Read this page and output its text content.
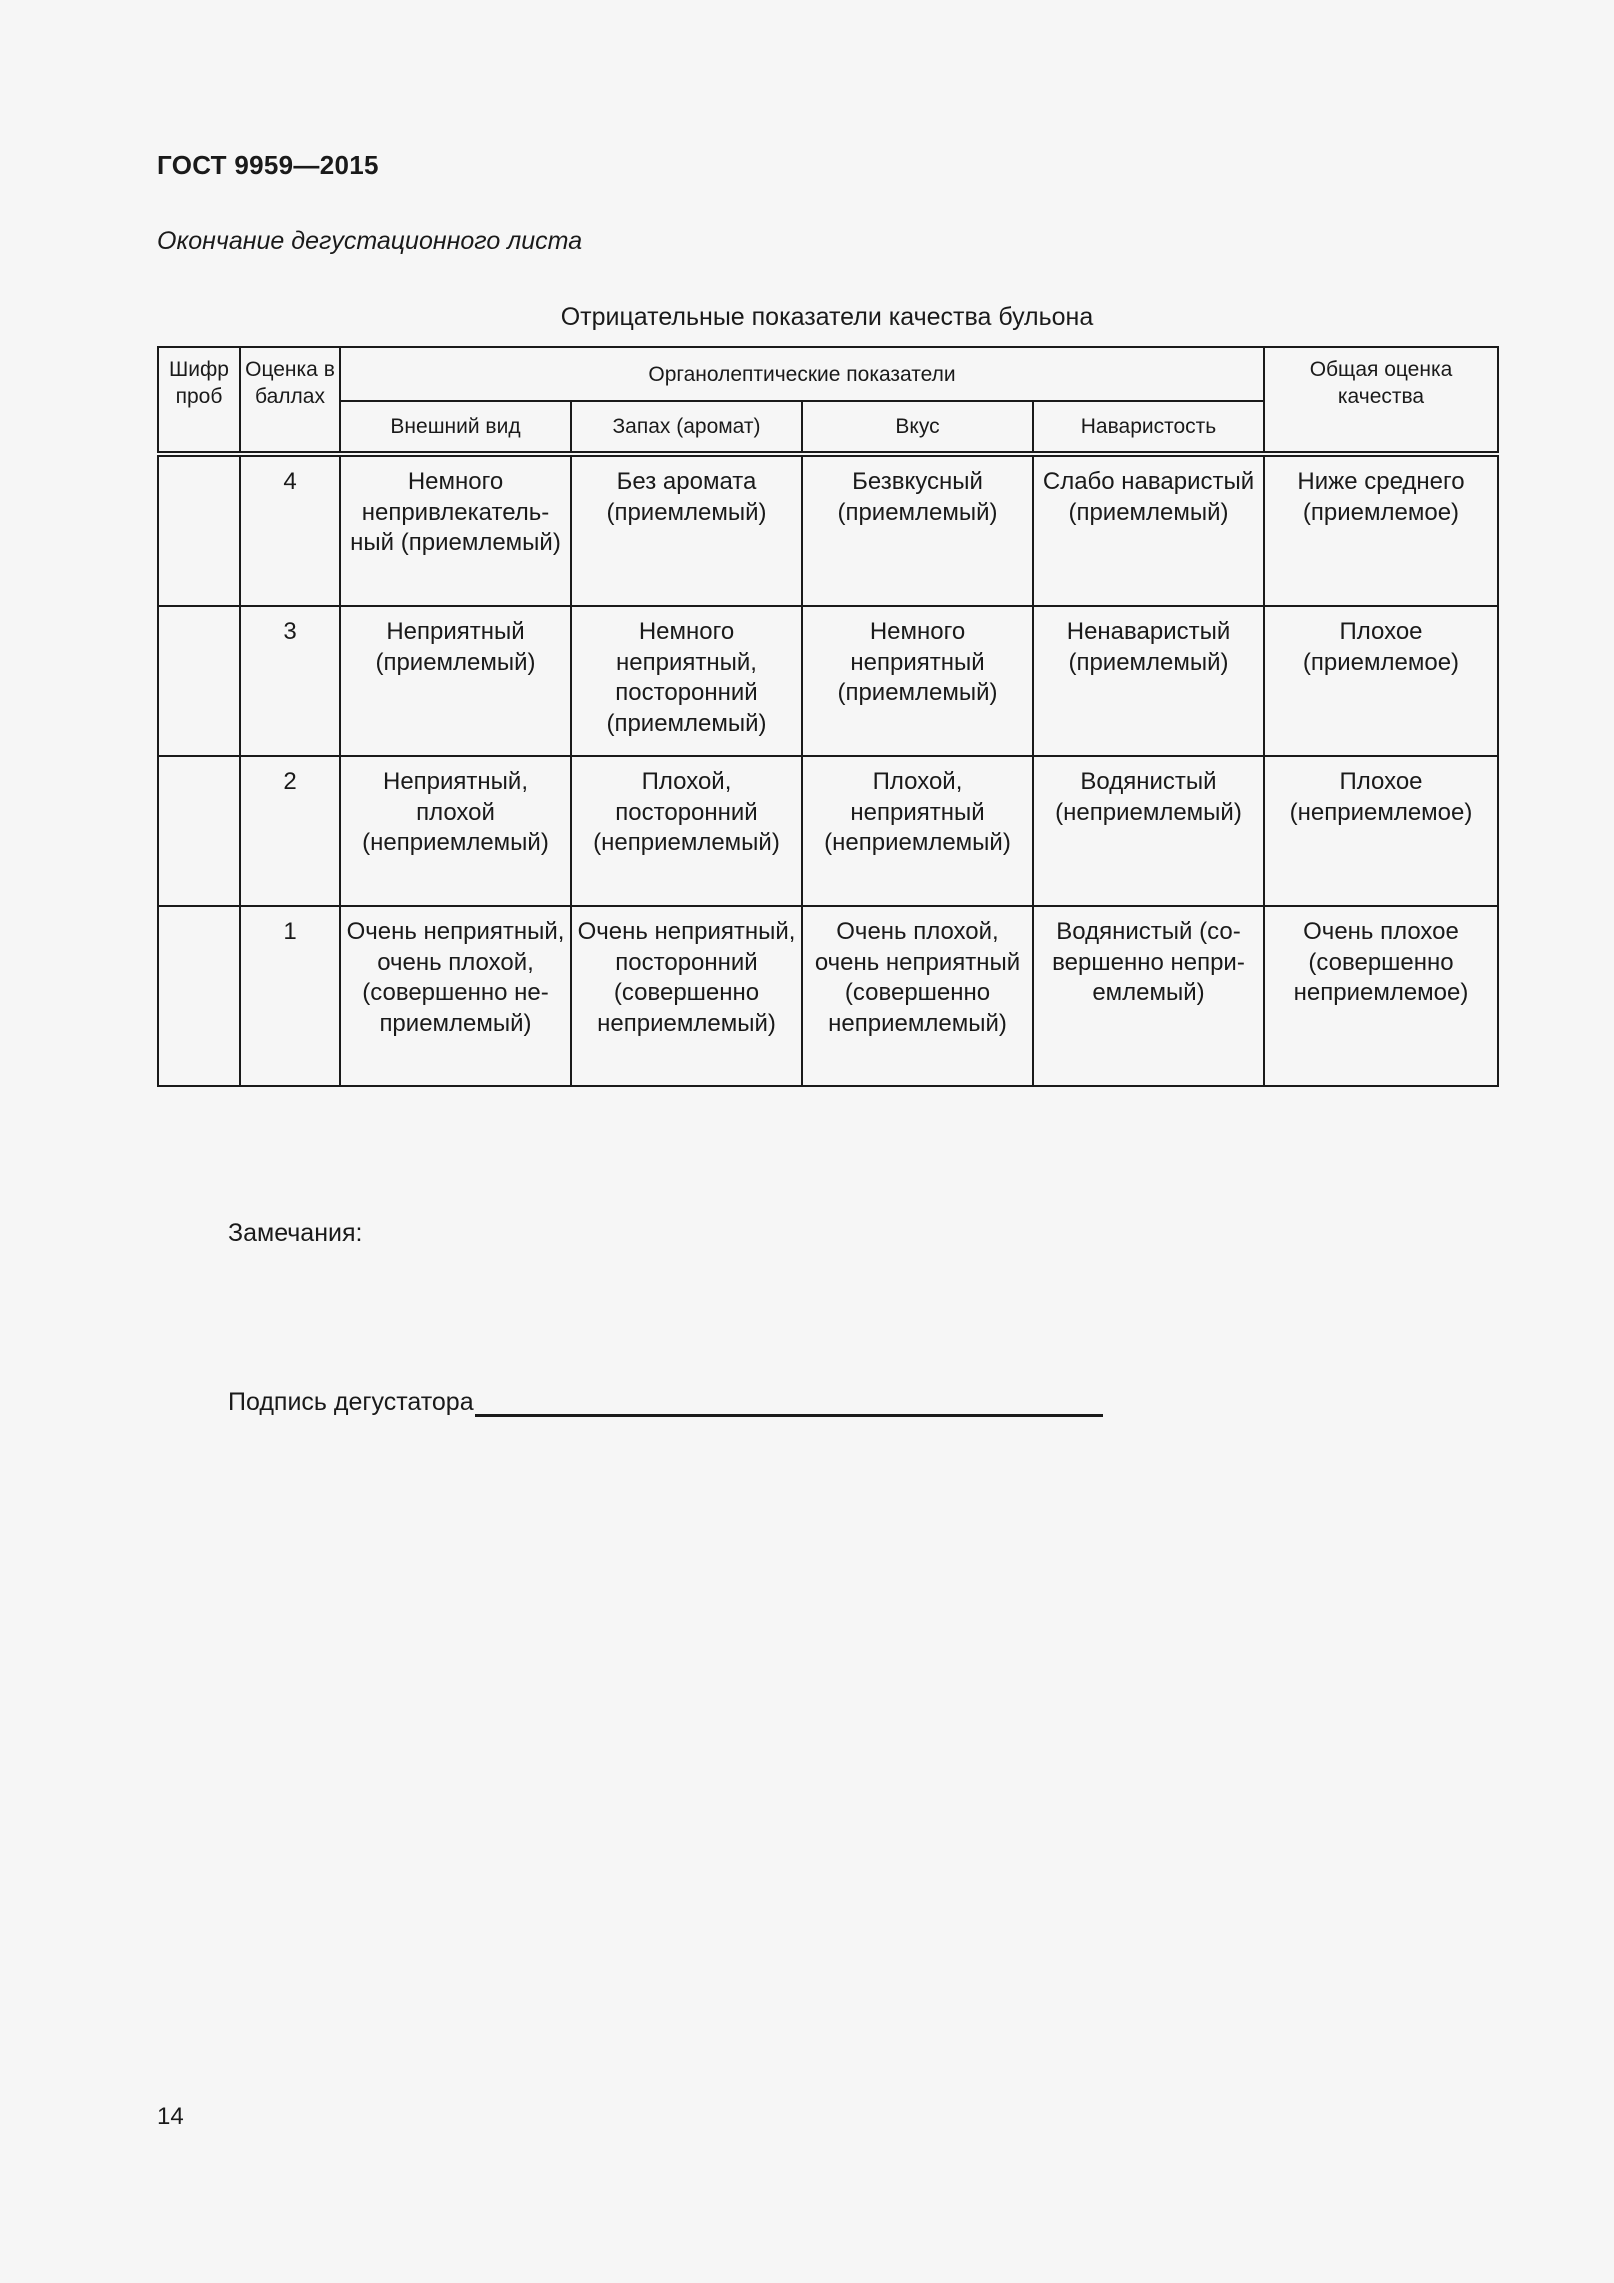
ГОСТ 9959—2015
Окончание дегустационного листа
Отрицательные показатели качества бульона
Шифр проб	Оценка в баллах	Органолептические показатели				Общая оценка качества
		Внешний вид	Запах (аромат)	Вкус	Наваристость	
	4	Немного непривлекатель-ный (приемлемый)	Без аромата (приемлемый)	Безвкусный (приемлемый)	Слабо наваристый (приемлемый)	Ниже среднего (приемлемое)
	3	Неприятный (приемлемый)	Немного неприятный, посторонний (приемлемый)	Немного неприятный (приемлемый)	Ненаваристый (приемлемый)	Плохое (приемлемое)
	2	Неприятный, плохой (неприемлемый)	Плохой, посторонний (неприемлемый)	Плохой, неприятный (неприемлемый)	Водянистый (неприемлемый)	Плохое (неприемлемое)
	1	Очень неприятный, очень плохой, (совершенно не-приемлемый)	Очень неприятный, посторонний (совершенно неприемлемый)	Очень плохой, очень неприятный (совершенно неприемлемый)	Водянистый (со-вершенно непри-емлемый)	Очень плохое (совершенно неприемлемое)
Замечания:
Подпись дегустатора
14
